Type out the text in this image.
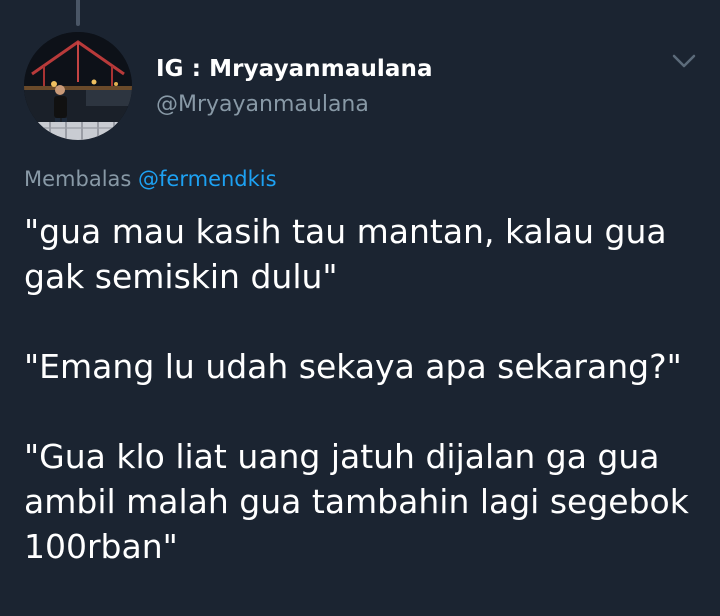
IG : Mryayanmaulana
@Mryayanmaulana
Membalas @fermendkis
"gua mau kasih tau mantan, kalau gua
gak semiskin dulu"
"Emang lu udah sekaya apa sekarang?"
"Gua klo liat uang jatuh dijalan ga gua
ambil malah gua tambahin lagi segebok
100rban"
